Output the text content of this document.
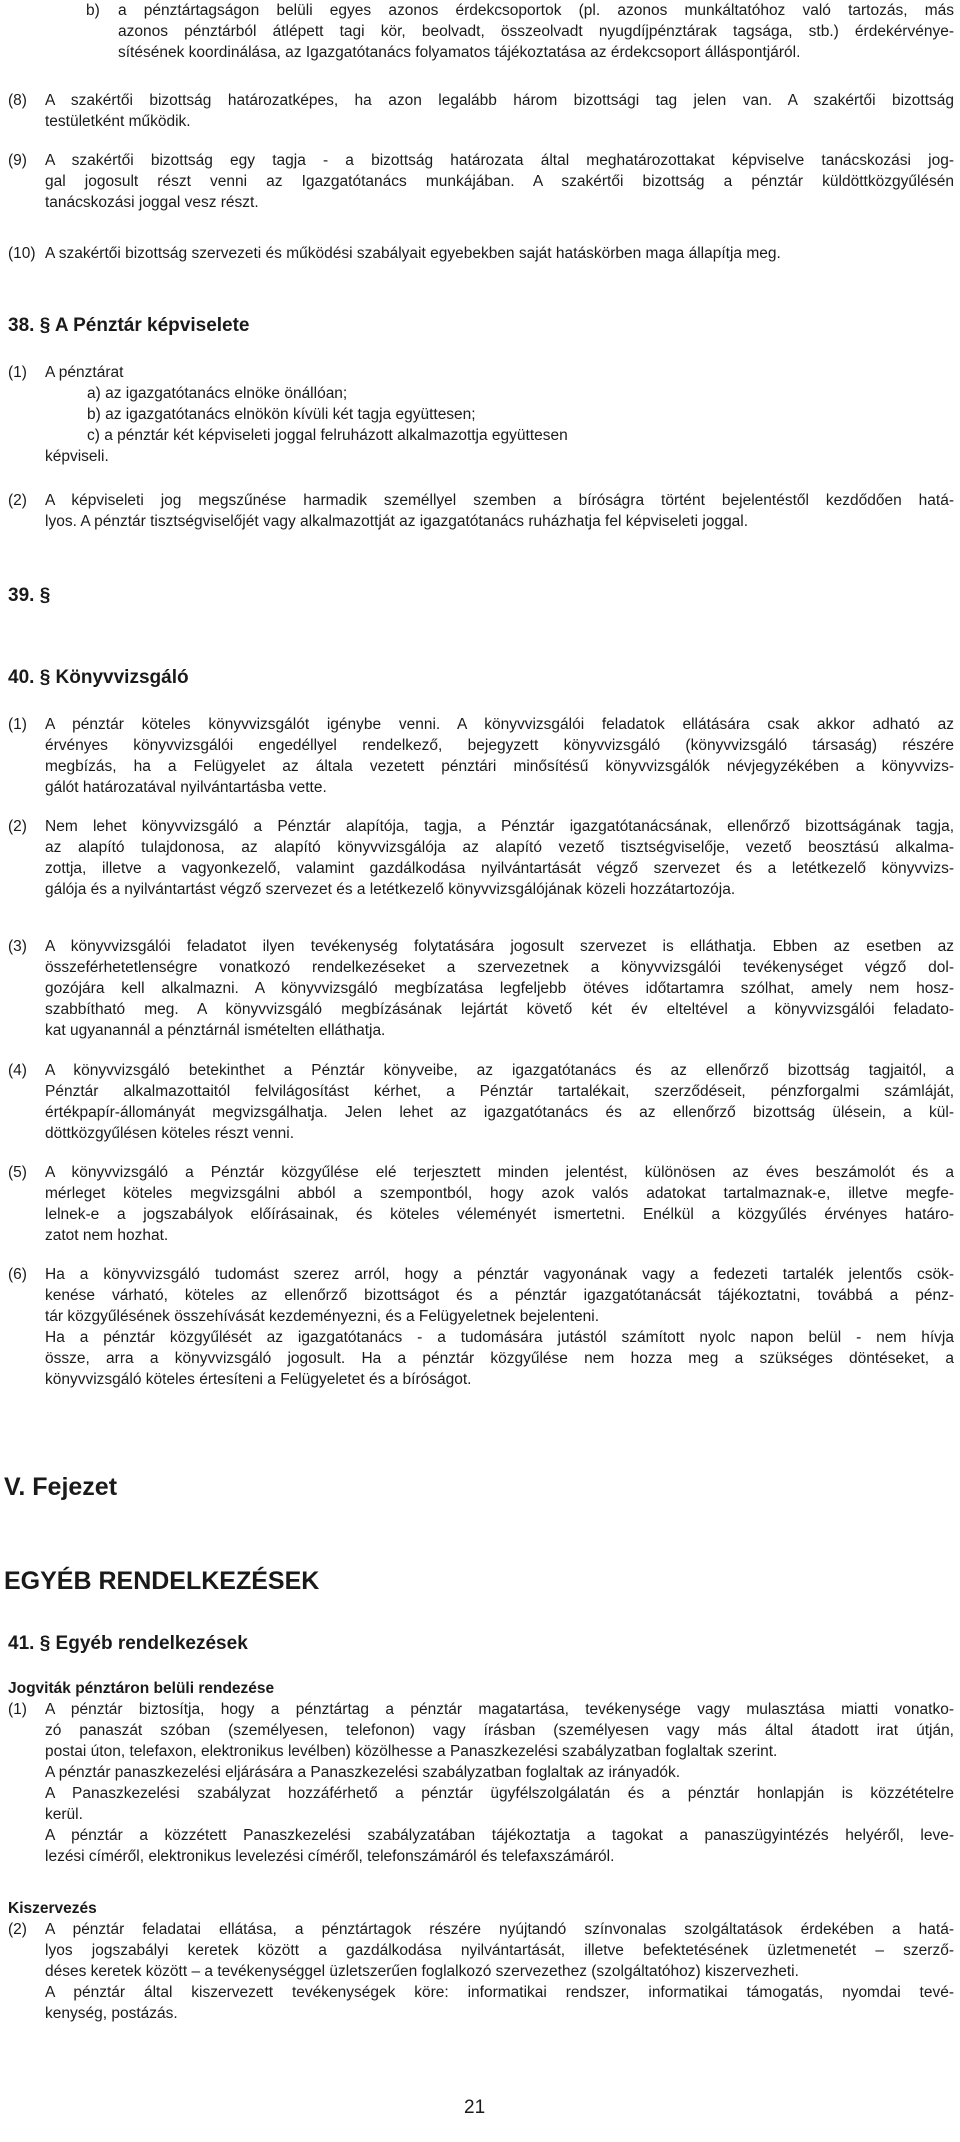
b) a pénztártagságon belüli egyes azonos érdekcsoportok (pl. azonos munkáltatóhoz való tartozás, más
azonos pénztárból átlépett tagi kör, beolvadt, összeolvadt nyugdíjpénztárak tagsága, stb.) érdekérvénye-
sítésének koordinálása, az Igazgatótanács folyamatos tájékoztatása az érdekcsoport álláspontjáról.
(8) A szakértői bizottság határozatképes, ha azon legalább három bizottsági tag jelen van. A szakértői bizottság
testületként működik.
(9) A szakértői bizottság egy tagja - a bizottság határozata által meghatározottakat képviselve tanácskozási jog-
gal jogosult részt venni az Igazgatótanács munkájában. A szakértői bizottság a pénztár küldöttközgyűlésén
tanácskozási joggal vesz részt.
(10) A szakértői bizottság szervezeti és működési szabályait egyebekben saját hatáskörben maga állapítja meg.
38. § A Pénztár képviselete
(1) A pénztárat
a) az igazgatótanács elnöke önállóan;
b) az igazgatótanács elnökön kívüli két tagja együttesen;
c) a pénztár két képviseleti joggal felruházott alkalmazottja együttesen
képviseli.
(2) A képviseleti jog megszűnése harmadik személlyel szemben a bíróságra történt bejelentéstől kezdődően hatá-
lyos. A pénztár tisztségviselőjét vagy alkalmazottját az igazgatótanács ruházhatja fel képviseleti joggal.
39. §
40. § Könyvvizsgáló
(1) A pénztár köteles könyvvizsgálót igénybe venni. A könyvvizsgálói feladatok ellátására csak akkor adható az
érvényes könyvvizsgálói engedéllyel rendelkező, bejegyzett könyvvizsgáló (könyvvizsgáló társaság) részére
megbízás, ha a Felügyelet az általa vezetett pénztári minősítésű könyvvizsgálók névjegyzékében a könyvvizs-
gálót határozatával nyilvántartásba vette.
(2) Nem lehet könyvvizsgáló a Pénztár alapítója, tagja, a Pénztár igazgatótanácsának, ellenőrző bizottságának tagja,
az alapító tulajdonosa, az alapító könyvvizsgálója az alapító vezető tisztségviselője, vezető beosztású alkalma-
zottja, illetve a vagyonkezelő, valamint gazdálkodása nyilvántartását végző szervezet és a letétkezelő könyvvizs-
gálója és a nyilvántartást végző szervezet és a letétkezelő könyvvizsgálójának közeli hozzátartozója.
(3) A könyvvizsgálói feladatot ilyen tevékenység folytatására jogosult szervezet is elláthatja. Ebben az esetben az
összeférhetetlenségre vonatkozó rendelkezéseket a szervezetnek a könyvvizsgálói tevékenységet végző dol-
gozójára kell alkalmazni. A könyvvizsgáló megbízatása legfeljebb ötéves időtartamra szólhat, amely nem hosz-
szabbítható meg. A könyvvizsgáló megbízásának lejártát követő két év elteltével a könyvvizsgálói feladato-
kat ugyanannál a pénztárnál ismételten elláthatja.
(4) A könyvvizsgáló betekinthet a Pénztár könyveibe, az igazgatótanács és az ellenőrző bizottság tagjaitól, a
Pénztár alkalmazottaitól felvilágosítást kérhet, a Pénztár tartalékait, szerződéseit, pénzforgalmi számláját,
értékpapír-állományát megvizsgálhatja. Jelen lehet az igazgatótanács és az ellenőrző bizottság ülésein, a kül-
döttközgyűlésen köteles részt venni.
(5) A könyvvizsgáló a Pénztár közgyűlése elé terjesztett minden jelentést, különösen az éves beszámolót és a
mérleget köteles megvizsgálni abból a szempontból, hogy azok valós adatokat tartalmaznak-e, illetve megfe-
lelnek-e a jogszabályok előírásainak, és köteles véleményét ismertetni. Enélkül a közgyűlés érvényes határo-
zatot nem hozhat.
(6) Ha a könyvvizsgáló tudomást szerez arról, hogy a pénztár vagyonának vagy a fedezeti tartalék jelentős csök-
kenése várható, köteles az ellenőrző bizottságot és a pénztár igazgatótanácsát tájékoztatni, továbbá a pénz-
tár közgyűlésének összehívását kezdeményezni, és a Felügyeletnek bejelenteni.
Ha a pénztár közgyűlését az igazgatótanács - a tudomására jutástól számított nyolc napon belül - nem hívja
össze, arra a könyvvizsgáló jogosult. Ha a pénztár közgyűlése nem hozza meg a szükséges döntéseket, a
könyvvizsgáló köteles értesíteni a Felügyeletet és a bíróságot.
V. Fejezet
EGYÉB RENDELKEZÉSEK
41. § Egyéb rendelkezések
Jogviták pénztáron belüli rendezése
(1) A pénztár biztosítja, hogy a pénztártag a pénztár magatartása, tevékenysége vagy mulasztása miatti vonatko-
zó panaszát szóban (személyesen, telefonon) vagy írásban (személyesen vagy más által átadott irat útján,
postai úton, telefaxon, elektronikus levélben) közölhesse a Panaszkezelési szabályzatban foglaltak szerint.
A pénztár panaszkezelési eljárására a Panaszkezelési szabályzatban foglaltak az irányadók.
A Panaszkezelési szabályzat hozzáférhető a pénztár ügyfélszolgálatán és a pénztár honlapján is közzétételre
kerül.
A pénztár a közzétett Panaszkezelési szabályzatában tájékoztatja a tagokat a panaszügyintézés helyéről, leve-
lezési címéről, elektronikus levelezési címéről, telefonszámáról és telefaxszámáról.
Kiszervezés
(2) A pénztár feladatai ellátása, a pénztártagok részére nyújtandó színvonalas szolgáltatások érdekében a hatá-
lyos jogszabályi keretek között a gazdálkodása nyilvántartását, illetve befektetésének üzletmenetét – szerző-
déses keretek között – a tevékenységgel üzletszerűen foglalkozó szervezethez (szolgáltatóhoz) kiszervezheti.
A pénztár által kiszervezett tevékenységek köre: informatikai rendszer, informatikai támogatás, nyomdai tevé-
kenység, postázás.
21
